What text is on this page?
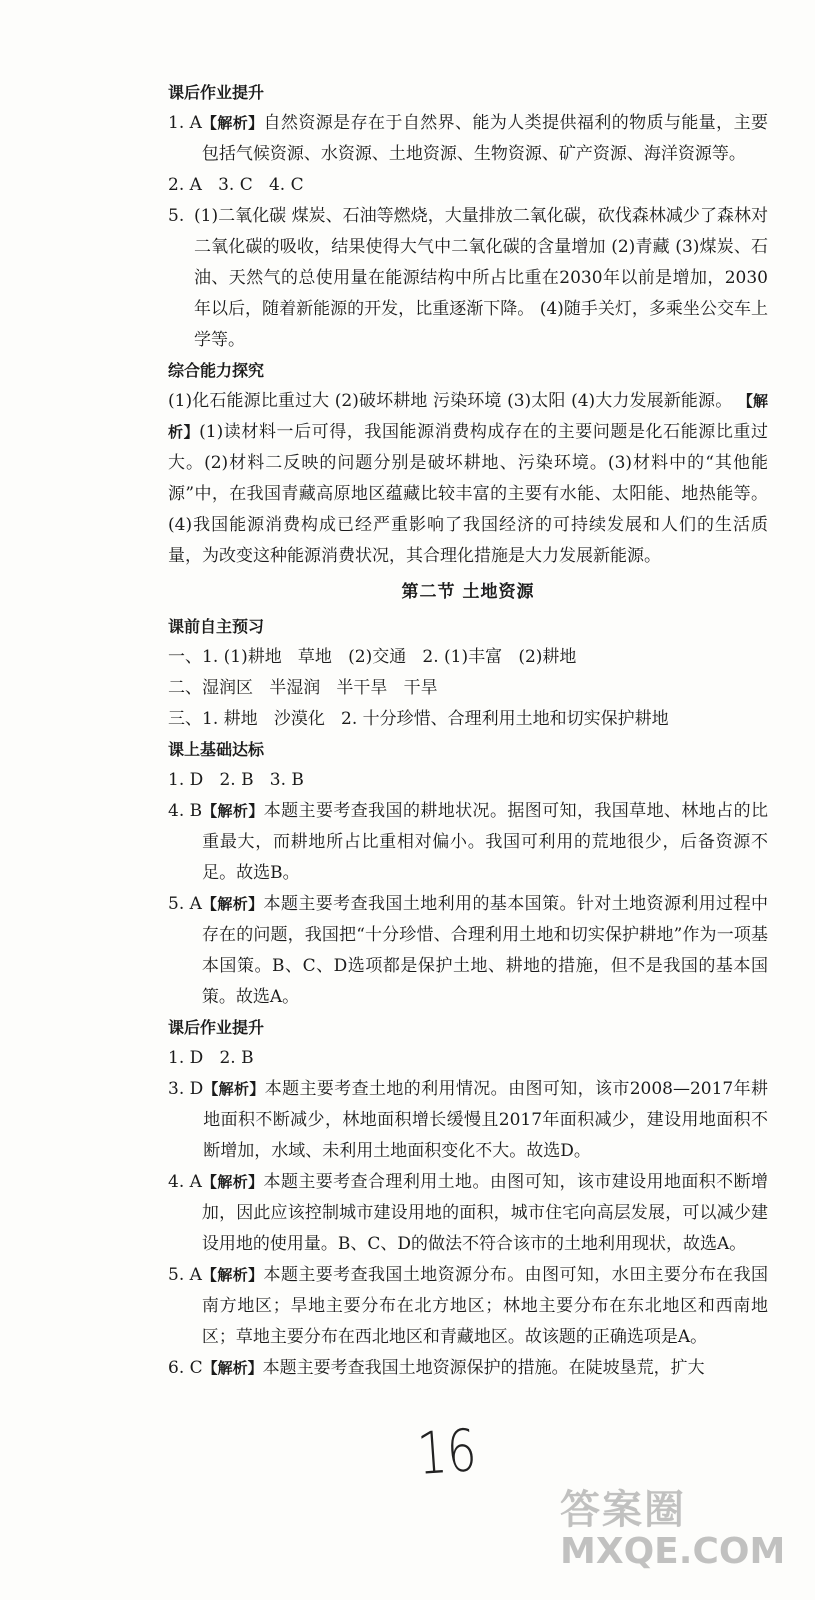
课后作业提升
1. A 【解析】自然资源是存在于自然界、能为人类提供福利的物质与能量，主要包括气候资源、水资源、土地资源、生物资源、矿产资源、海洋资源等。
2. A   3. C   4. C
5. (1)二氧化碳 煤炭、石油等燃烧，大量排放二氧化碳，砍伐森林减少了森林对二氧化碳的吸收，结果使得大气中二氧化碳的含量增加 (2)青藏 (3)煤炭、石油、天然气的总使用量在能源结构中所占比重在2030年以前是增加，2030年以后，随着新能源的开发，比重逐渐下降。 (4)随手关灯，多乘坐公交车上学等。
综合能力探究
(1)化石能源比重过大 (2)破坏耕地 污染环境 (3)太阳 (4)大力发展新能源。 【解析】(1)读材料一后可得，我国能源消费构成存在的主要问题是化石能源比重过大。(2)材料二反映的问题分别是破坏耕地、污染环境。(3)材料中的“其他能源”中，在我国青藏高原地区蕴藏比较丰富的主要有水能、太阳能、地热能等。(4)我国能源消费构成已经严重影响了我国经济的可持续发展和人们的生活质量，为改变这种能源消费状况，其合理化措施是大力发展新能源。
第二节 土地资源
课前自主预习
一、1. (1)耕地   草地   (2)交通   2. (1)丰富   (2)耕地
二、湿润区   半湿润   半干旱   干旱
三、1. 耕地   沙漠化   2. 十分珍惜、合理利用土地和切实保护耕地
课上基础达标
1. D   2. B   3. B
4. B 【解析】本题主要考查我国的耕地状况。据图可知，我国草地、林地占的比重最大，而耕地所占比重相对偏小。我国可利用的荒地很少，后备资源不足。故选B。
5. A 【解析】本题主要考查我国土地利用的基本国策。针对土地资源利用过程中存在的问题，我国把“十分珍惜、合理利用土地和切实保护耕地”作为一项基本国策。B、C、D选项都是保护土地、耕地的措施，但不是我国的基本国策。故选A。
课后作业提升
1. D   2. B
3. D 【解析】本题主要考查土地的利用情况。由图可知，该市2008—2017年耕地面积不断减少，林地面积增长缓慢且2017年面积减少，建设用地面积不断增加，水域、未利用土地面积变化不大。故选D。
4. A 【解析】本题主要考查合理利用土地。由图可知，该市建设用地面积不断增加，因此应该控制城市建设用地的面积，城市住宅向高层发展，可以减少建设用地的使用量。B、C、D的做法不符合该市的土地利用现状，故选A。
5. A 【解析】本题主要考查我国土地资源分布。由图可知，水田主要分布在我国南方地区；旱地主要分布在北方地区；林地主要分布在东北地区和西南地区；草地主要分布在西北地区和青藏地区。故该题的正确选项是A。
6. C 【解析】本题主要考查我国土地资源保护的措施。在陡坡垦荒，扩大
16
答案圈
MXQE.COM
